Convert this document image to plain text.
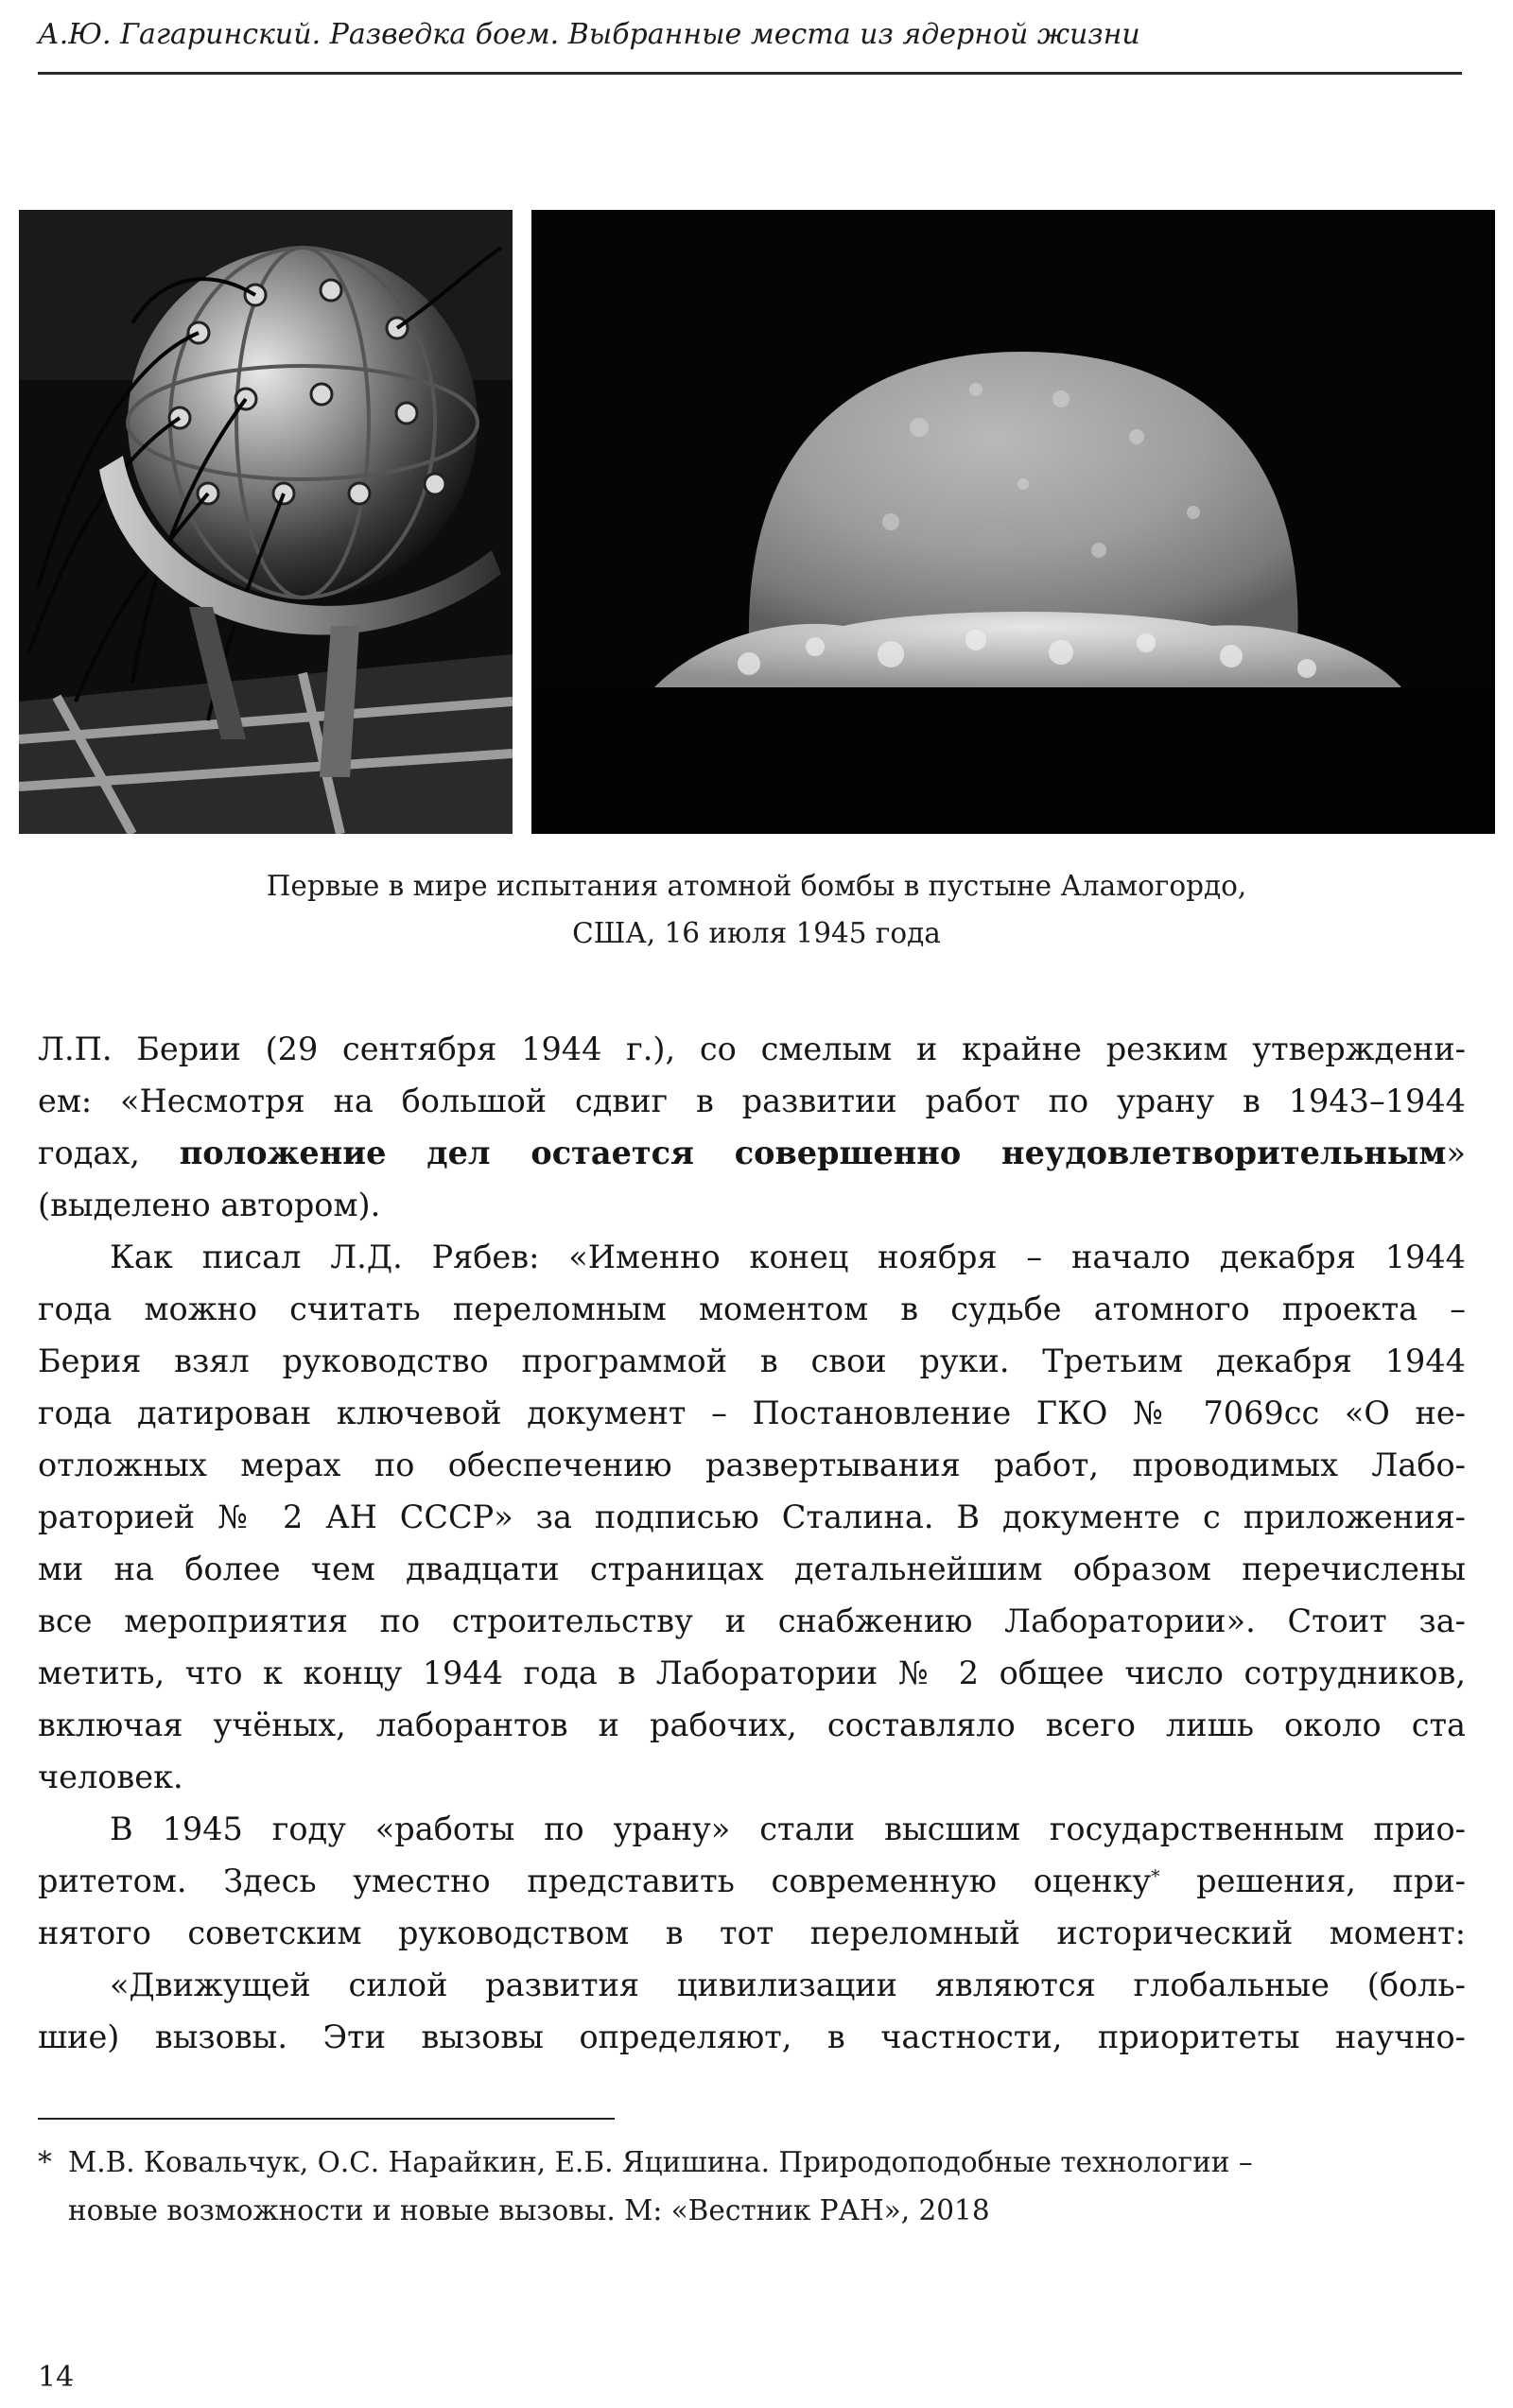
А.Ю. Гагаринский. Разведка боем. Выбранные места из ядерной жизни
Первые в мире испытания атомной бомбы в пустыне Аламогордо,
США, 16 июля 1945 года
Л.П. Берии (29 сентября 1944 г.), со смелым и крайне резким утверждени-
ем: «Несмотря на большой сдвиг в развитии работ по урану в 1943–1944
годах, положение дел остается совершенно неудовлетворительным»
(выделено автором).
Как писал Л.Д. Рябев: «Именно конец ноября – начало декабря 1944
года можно считать переломным моментом в судьбе атомного проекта –
Берия взял руководство программой в свои руки. Третьим декабря 1944
года датирован ключевой документ – Постановление ГКО № 7069сс «О не-
отложных мерах по обеспечению развертывания работ, проводимых Лабо-
раторией № 2 АН СССР» за подписью Сталина. В документе с приложения-
ми на более чем двадцати страницах детальнейшим образом перечислены
все мероприятия по строительству и снабжению Лаборатории». Стоит за-
метить, что к концу 1944 года в Лаборатории № 2 общее число сотрудников,
включая учёных, лаборантов и рабочих, составляло всего лишь около ста
человек.
В 1945 году «работы по урану» стали высшим государственным прио-
ритетом. Здесь уместно представить современную оценку* решения, при-
нятого советским руководством в тот переломный исторический момент:
«Движущей силой развития цивилизации являются глобальные (боль-
шие) вызовы. Эти вызовы определяют, в частности, приоритеты научно-
* М.В. Ковальчук, О.С. Нарайкин, Е.Б. Яцишина. Природоподобные технологии –
новые возможности и новые вызовы. М: «Вестник РАН», 2018
14
